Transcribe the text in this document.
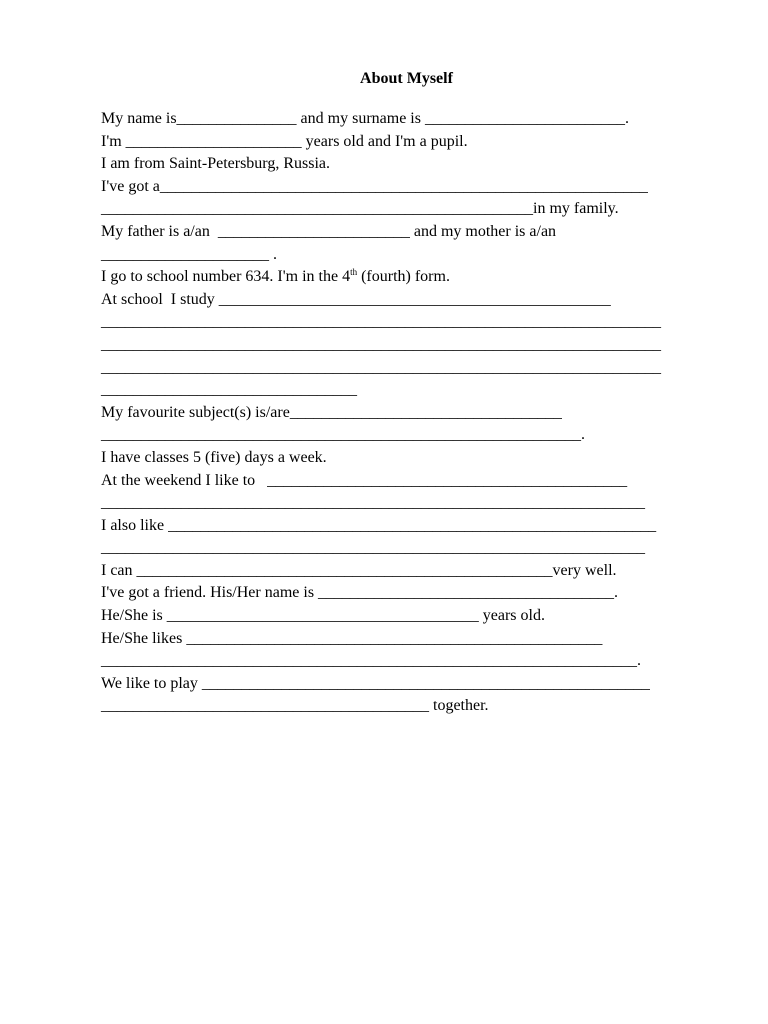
About Myself
My name is_______________ and my surname is _________________________.
I'm ______________________ years old and I'm a pupil.
I am from Saint-Petersburg, Russia.
I've got a_____________________________________________________________
______________________________________________________in my family.
My father is a/an  ________________________ and my mother is a/an
_____________________ .
I go to school number 634. I'm in the 4th (fourth) form.
At school  I study _________________________________________________
______________________________________________________________________
______________________________________________________________________
______________________________________________________________________
________________________________
My favourite subject(s) is/are__________________________________
____________________________________________________________.
I have classes 5 (five) days a week.
At the weekend I like to   _____________________________________________
____________________________________________________________________
I also like _____________________________________________________________
____________________________________________________________________
I can ____________________________________________________very well.
I've got a friend. His/Her name is _____________________________________.
He/She is _______________________________________ years old.
He/She likes ____________________________________________________
___________________________________________________________________.
We like to play ________________________________________________________
_________________________________________ together.
